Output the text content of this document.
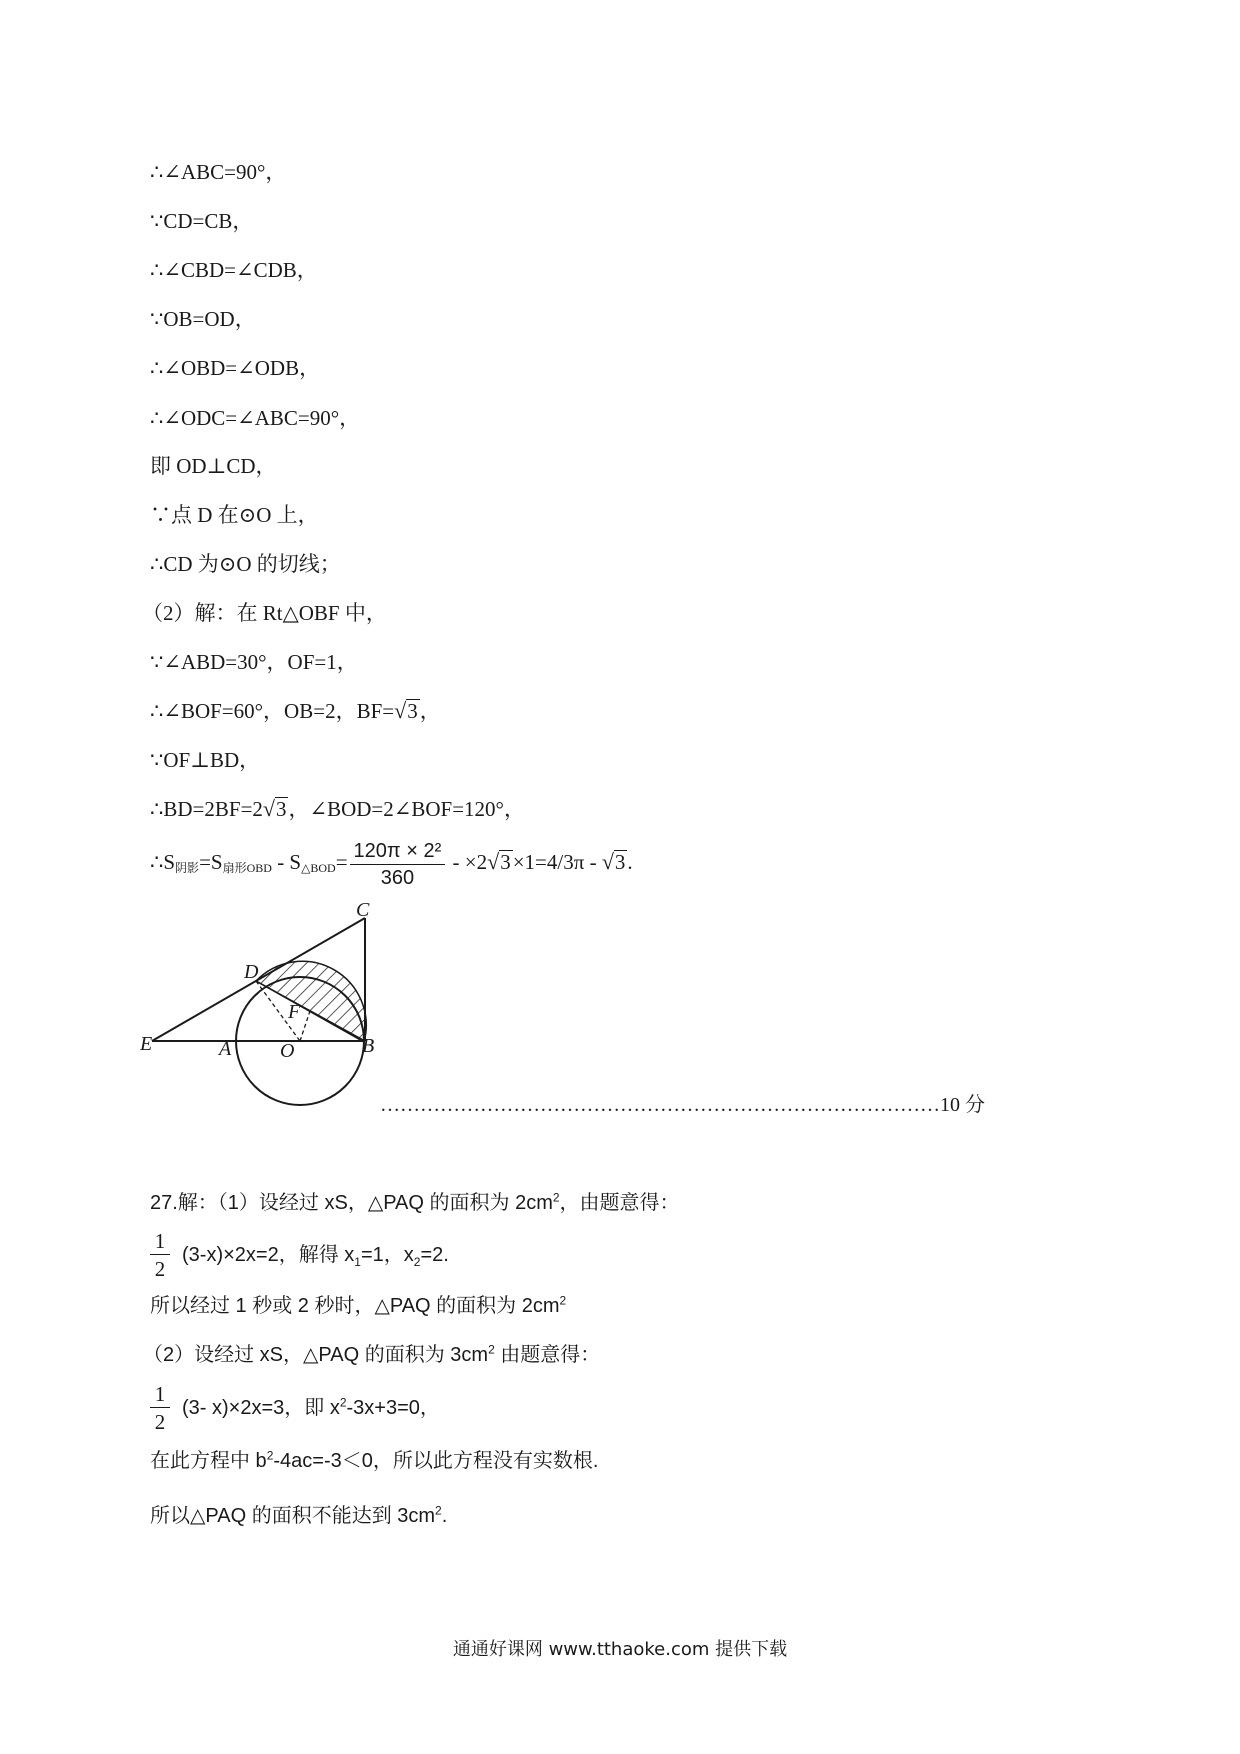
∴∠ABC=90°，
∵CD=CB，
∴∠CBD=∠CDB，
∵OB=OD，
∴∠OBD=∠ODB，
∴∠ODC=∠ABC=90°，
即 OD⊥CD，
∵点 D 在⊙O 上，
∴CD 为⊙O 的切线；
（2）解：在 Rt△OBF 中，
∵∠ABD=30°，OF=1，
∴∠BOF=60°，OB=2，BF=√3，
∵OF⊥BD，
∴BD=2BF=2√3，∠BOD=2∠BOF=120°，
$\therefore S_{阴影}=S_{扇形OBD} - S_{\triangle BOD}= \frac{\text{120π × 2²}}{360} - \times 2√3\times 1=4/3\pi - √3$.
C
D
F
E	A O	B
…………………………………………………………………………10 分
27.解：（1）设经过 xS，△PAQ 的面积为 $2cm^2$，由题意得：
$\frac{1}{2} (3-x)\times 2x=2$，解得 $x_1=1$，$x_2=2$.
所以经过 1 秒或 2 秒时，△PAQ 的面积为 $2cm^2$
（2）设经过 xS，△PAQ 的面积为 $3cm^2$ 由题意得：
$\frac{1}{2} (3-$ x)×2x=3，即 $x^2-3x+3=0$，
在此方程中 $b^2-4ac=-3<0$，所以此方程没有实数根.
所以△PAQ 的面积不能达到 $3cm^2$.
通通好课网 www.tthaoke.com 提供下载
